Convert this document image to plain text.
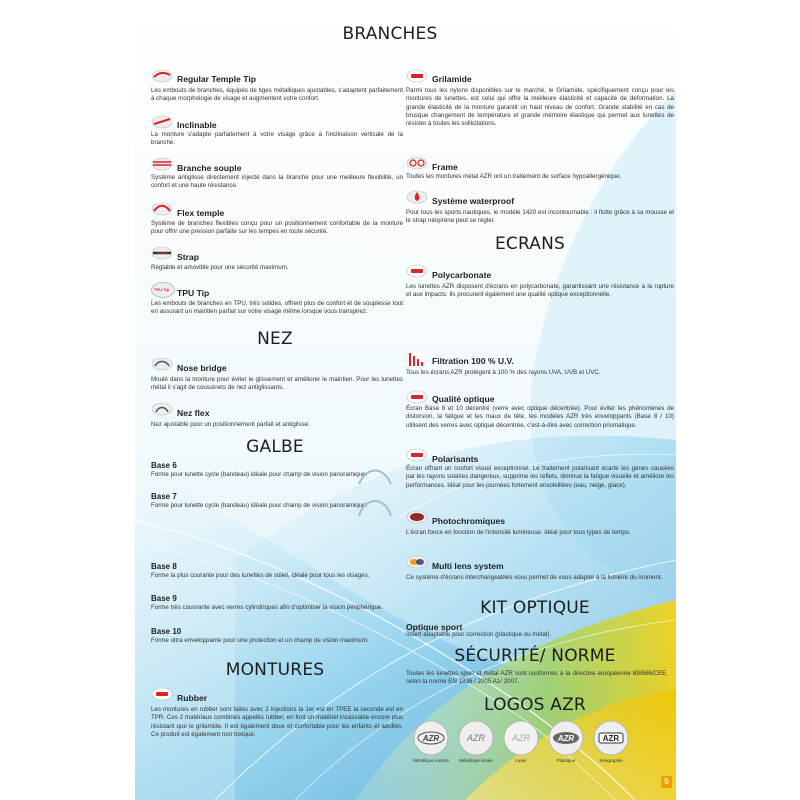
BRANCHES
Regular Temple Tip
Les embouts de branches, équipés de tiges métalliques ajustables, s'adaptent parfaitement à chaque morphologie de visage et augmentent votre confort.
Inclinable
La monture s'adapte parfaitement à votre visage grâce à l'inclinaison verticale de la branche.
Branche souple
Système antiglisse directement injecté dans la branche pour une meilleure flexibilité, un confort et une haute résistance.
Flex temple
Système de branches flexibles conçu pour un positionnement confortable de la monture pour offrir une pression parfaite sur les tempes en toute sécurité.
Strap
Réglable et amovible pour une sécurité maximum.
TPU Tip TPU Tip
Les embouts de branches en TPU, très solides, offrent plus de confort et de souplesse tout en assurant un maintien parfait sur votre visage même lorsque vous transpirez.
NEZ
Nose bridge
Moulé dans la monture pour éviter le glissement et améliorer le maintien. Pour les lunettes métal il s'agit de coussinets de nez antiglissants.
Nez flex
Nez ajustable pour un positionnement parfait et antiglisse.
GALBE
Base 6
Forme pour lunette cycle (bandeau) idéale pour champ de vision panoramique.
Base 7
Forme pour lunette cycle (bandeau) idéale pour champ de vision panoramique.
Base 8
Forme la plus courante pour des lunettes de soleil, idéale pour tous les visages.
Base 9
Forme très couvrante avec verres cylindriques afin d'optimiser la vision périphérique.
Base 10
Forme ultra enveloppante pour une protection et un champ de vision maximum.
MONTURES
Rubber
Les montures en rubber sont faites avec 2 injections la 1er est en TPEE la seconde est en TPR. Ces 2 matériaux combinés appelés rubber, en font un matériel incassable encore plus résistant que le grilamide. Il est également doux et confortable pour les enfants et adultes. Ce produit est également non toxique.
Grilamide
Parmi tous les nylons disponibles sur le marché, le Grilamide, spécifiquement conçu pour les montures de lunettes, est celui qui offre la meilleure élasticité et capacité de déformation. La grande élasticité de la monture garantit un haut niveau de confort. Grande stabilité en cas de brusque changement de température et grande mémoire élastique qui permet aux lunettes de résister à toutes les sollicitations.
Frame
Toutes les montures métal AZR ont un traitement de surface hypoallergénique.
Système waterproof
Pour tous les sports nautiques, le modèle 1420 est incontournable : il flotte grâce à sa mousse et le strap néoprène peut se régler.
ECRANS
Polycarbonate
Les lunettes AZR disposent d'écrans en polycarbonate, garantissant une résistance à la rupture et aux impacts. Ils procurent également une qualité optique exceptionnelle.
Filtration 100 % U.V.
Tous les écrans AZR protègent à 100 % des rayons UVA, UVB et UVC.
Qualité optique
Écran Base 8 et 10 décentré (verre avec optique décentrée). Pour éviter les phénomènes de distorsion, la fatigue et les maux de tête, les modèles AZR très enveloppants (Base 8 / 10) utilisent des verres avec optique décentrée, c'est-à-dire avec correction prismatique.
Polarisants
Écran offrant un confort visuel exceptionnel. Le traitement polarisant écarte les gènes causées par les rayons solaires dangereux, supprime les reflets, diminue la fatigue visuelle et améliore les performances. Idéal pour les journées fortement ensoleillées (eau, neige, glace).
Photochromiques
L'écran fonce en fonction de l'intensité lumineuse. Idéal pour tous types de temps.
Multi lens system
Ce système d'écrans interchangeables vous permet de vous adapter à la lumière du moment.
KIT OPTIQUE
Optique sport
Insert adaptable pour correction (plastique ou métal).
SÉCURITÉ/ NORME
Toutes les lunettes sport et métal AZR sont conformes à la directive européenne 89/686/CEE, selon la norme EN 1836 / 2005 A1/ 2007.
LOGOS AZR
AZR	AZR	AZR	AZR	AZR
Métallique lustrée	Métallique lissée	Laser	Plastique	Sérigraphie
5
